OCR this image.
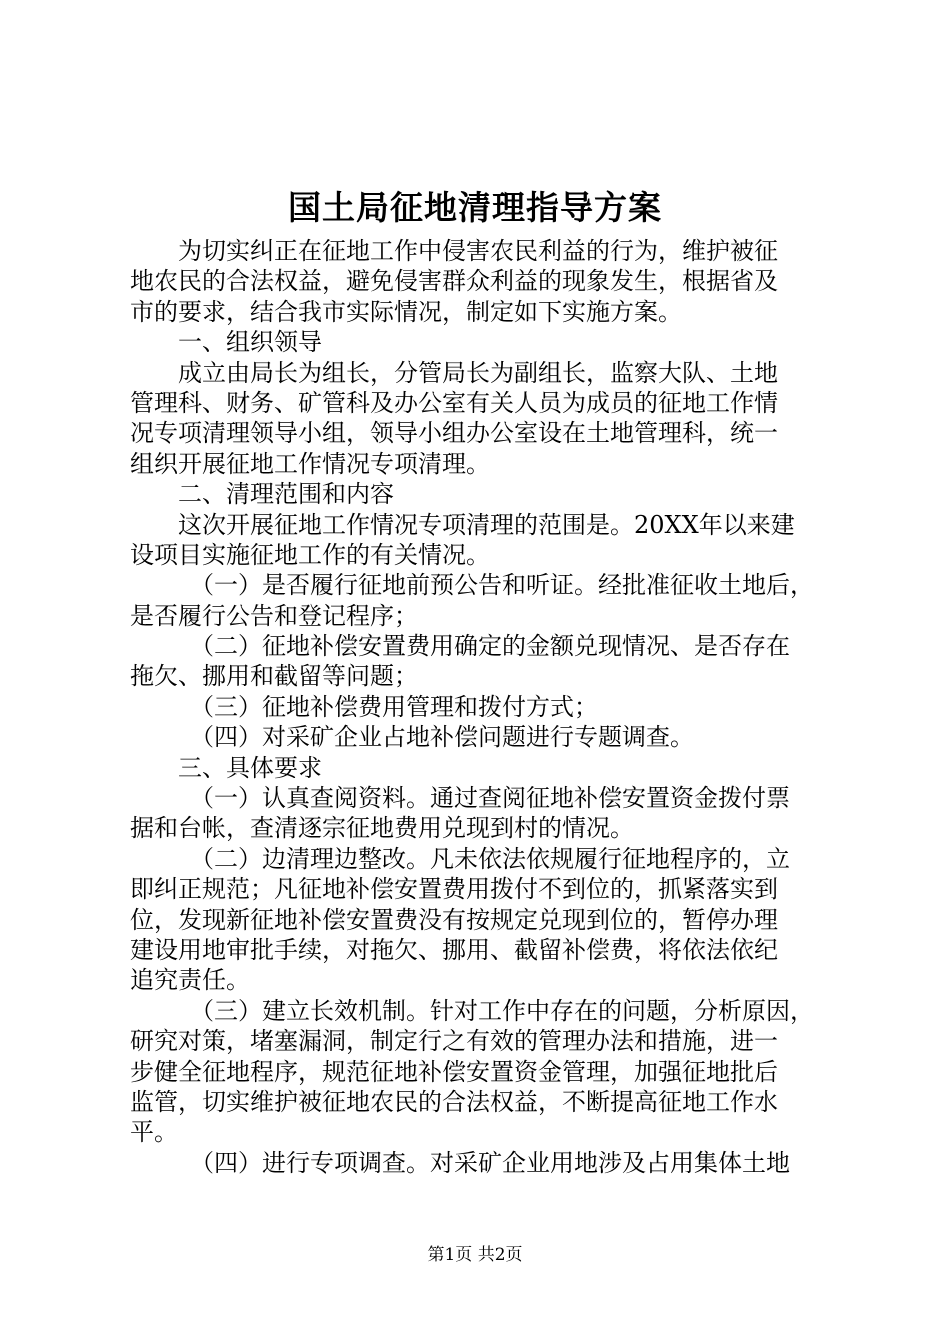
国土局征地清理指导方案
为切实纠正在征地工作中侵害农民利益的行为，维护被征
地农民的合法权益，避免侵害群众利益的现象发生，根据省及
市的要求，结合我市实际情况，制定如下实施方案。
一、组织领导
成立由局长为组长，分管局长为副组长，监察大队、土地
管理科、财务、矿管科及办公室有关人员为成员的征地工作情
况专项清理领导小组，领导小组办公室设在土地管理科，统一
组织开展征地工作情况专项清理。
二、清理范围和内容
这次开展征地工作情况专项清理的范围是。20XX年以来建
设项目实施征地工作的有关情况。
（一）是否履行征地前预公告和听证。经批准征收土地后，
是否履行公告和登记程序；
（二）征地补偿安置费用确定的金额兑现情况、是否存在
拖欠、挪用和截留等问题；
（三）征地补偿费用管理和拨付方式；
（四）对采矿企业占地补偿问题进行专题调查。
三、具体要求
（一）认真查阅资料。通过查阅征地补偿安置资金拨付票
据和台帐，查清逐宗征地费用兑现到村的情况。
（二）边清理边整改。凡未依法依规履行征地程序的，立
即纠正规范；凡征地补偿安置费用拨付不到位的，抓紧落实到
位，发现新征地补偿安置费没有按规定兑现到位的，暂停办理
建设用地审批手续，对拖欠、挪用、截留补偿费，将依法依纪
追究责任。
（三）建立长效机制。针对工作中存在的问题，分析原因，
研究对策，堵塞漏洞，制定行之有效的管理办法和措施，进一
步健全征地程序，规范征地补偿安置资金管理，加强征地批后
监管，切实维护被征地农民的合法权益，不断提高征地工作水
平。
（四）进行专项调查。对采矿企业用地涉及占用集体土地
第1页 共2页
